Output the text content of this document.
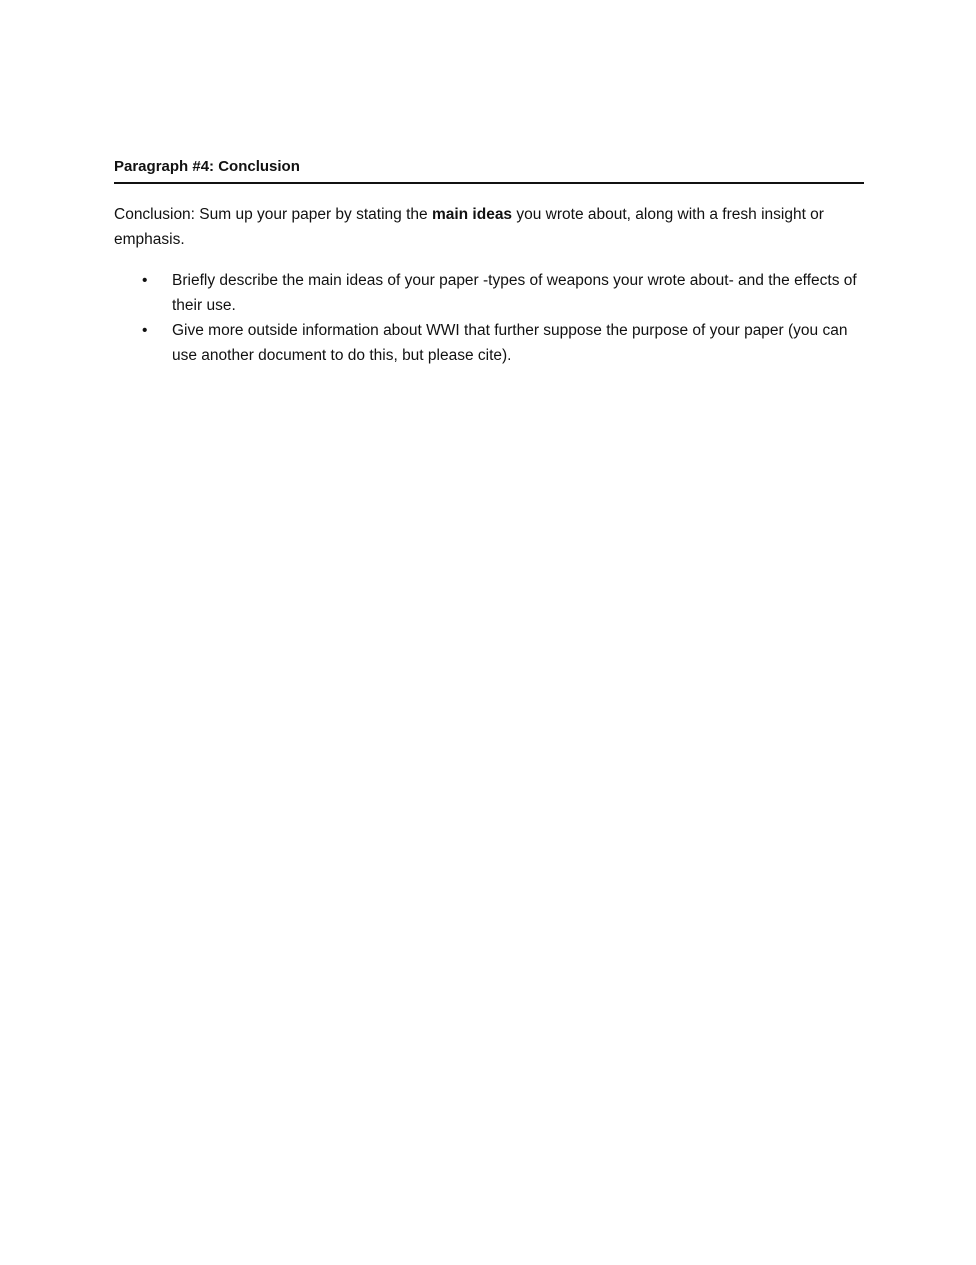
Paragraph #4: Conclusion

Conclusion: Sum up your paper by stating the main ideas you wrote about, along with a fresh insight or emphasis.

• Briefly describe the main ideas of your paper -types of weapons your wrote about- and the effects of their use.
• Give more outside information about WWI that further suppose the purpose of your paper (you can use another document to do this, but please cite).
